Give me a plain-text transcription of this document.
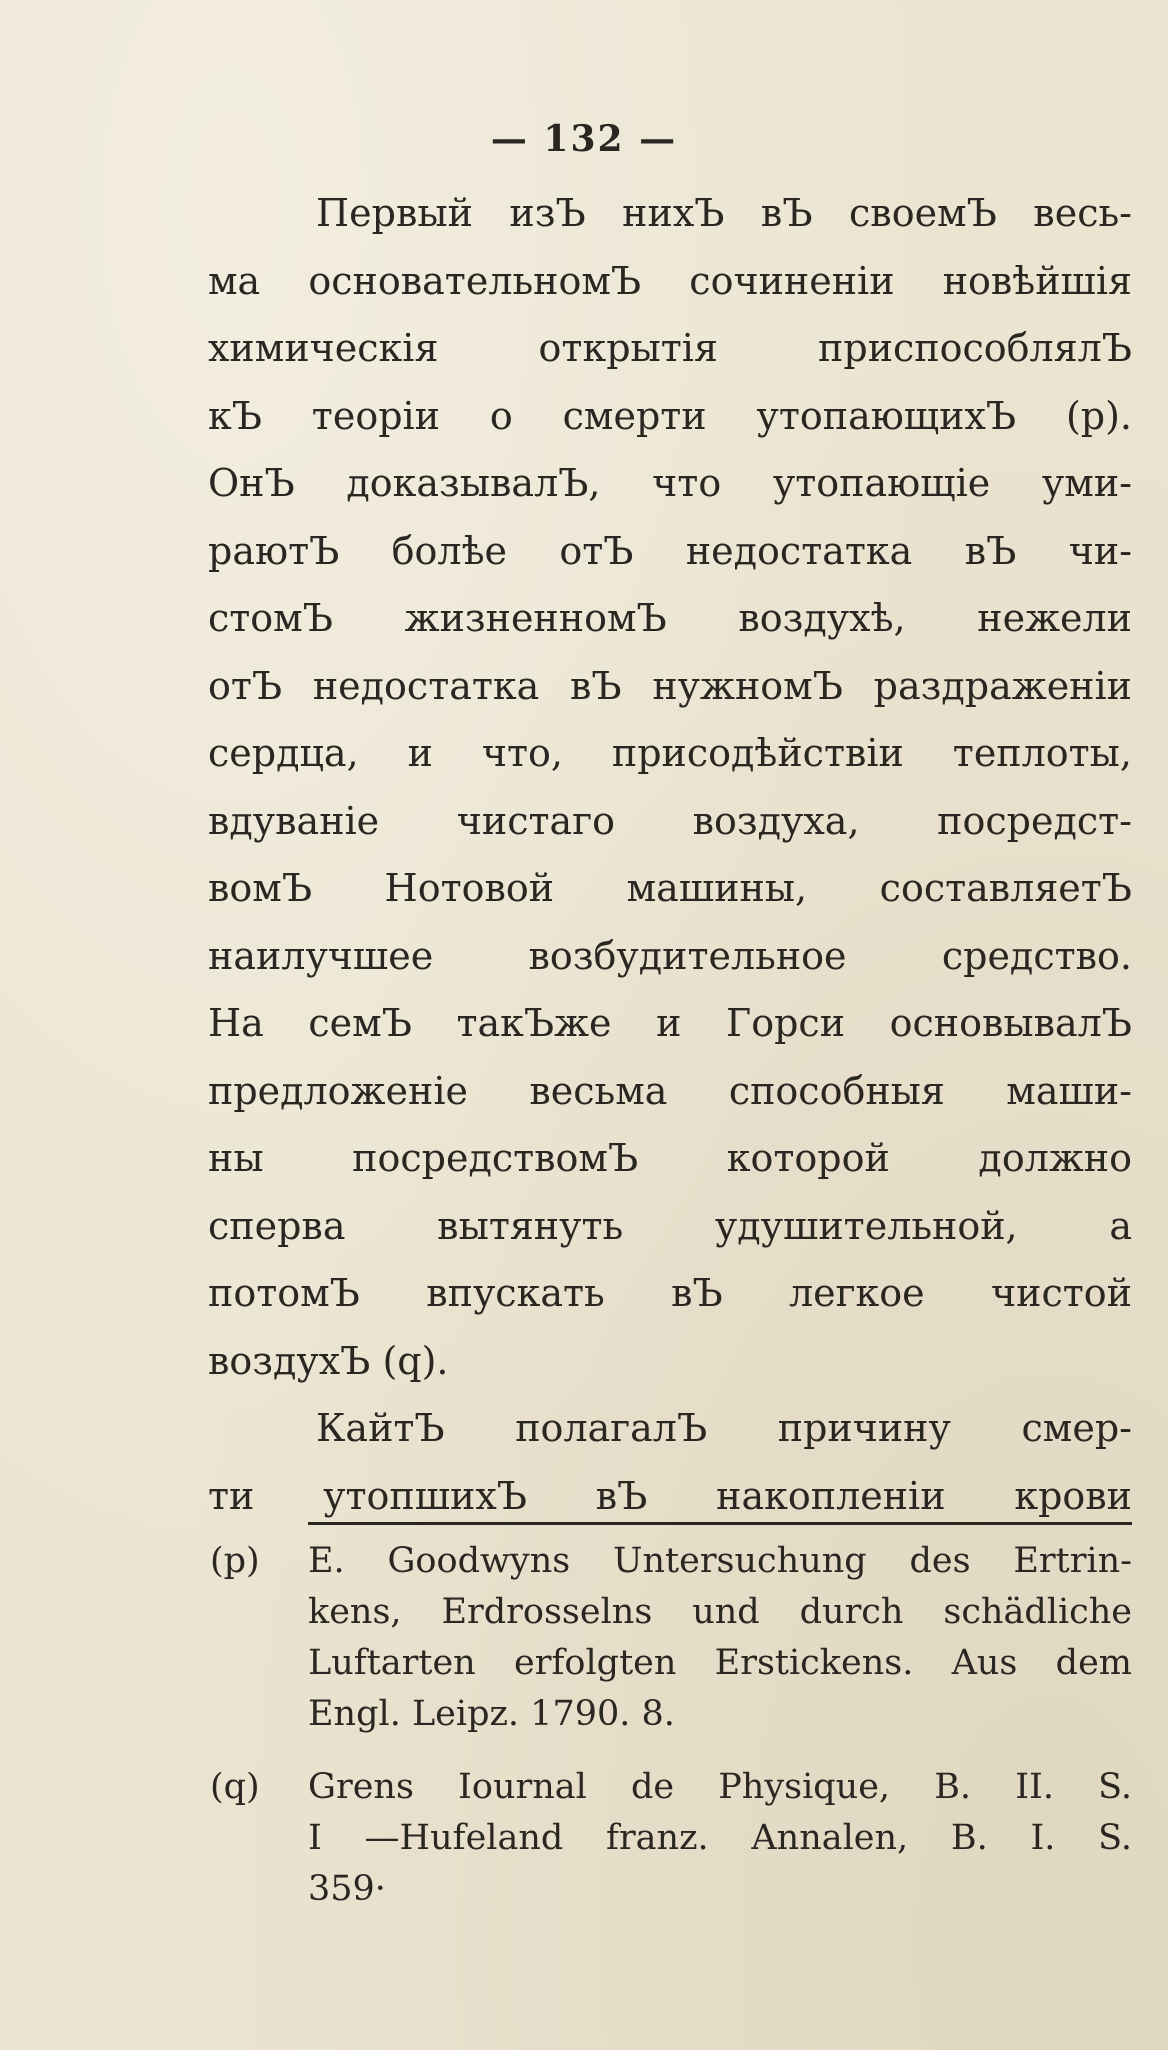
— 132 —
Первый изЪ нихЪ вЪ своемЪ весь-
ма основательномЪ сочиненіи новѣйшія
химическія открытія приспособлялЪ
кЪ теоріи о смерти утопающихЪ (p).
ОнЪ доказывалЪ, что утопающіе уми-
раютЪ болѣе отЪ недостатка вЪ чи-
стомЪ жизненномЪ воздухѣ, нежели
отЪ недостатка вЪ нужномЪ раздраженіи
сердца, и что, присодѣйствіи теплоты,
вдуваніе чистаго воздуха, посредст-
вомЪ Нотовой машины, составляетЪ
наилучшее возбудительное средство.
На семЪ такЪже и Горси основывалЪ
предложеніе весьма способныя маши-
ны посредствомЪ которой должно
сперва вытянуть удушительной, а
потомЪ впускать вЪ легкое чистой
воздухЪ (q).
КайтЪ полагалЪ причину смер-
ти утопшихЪ вЪ накопленіи крови
(p) E. Goodwyns Untersuchung des Ertrin-
kens, Erdrosselns und durch schädliche
Luftarten erfolgten Erstickens. Aus dem
Engl. Leipz. 1790. 8.
(q) Grens Iournal de Physique, B. II. S.
I —Hufeland franz. Annalen, B. I. S.
359·
